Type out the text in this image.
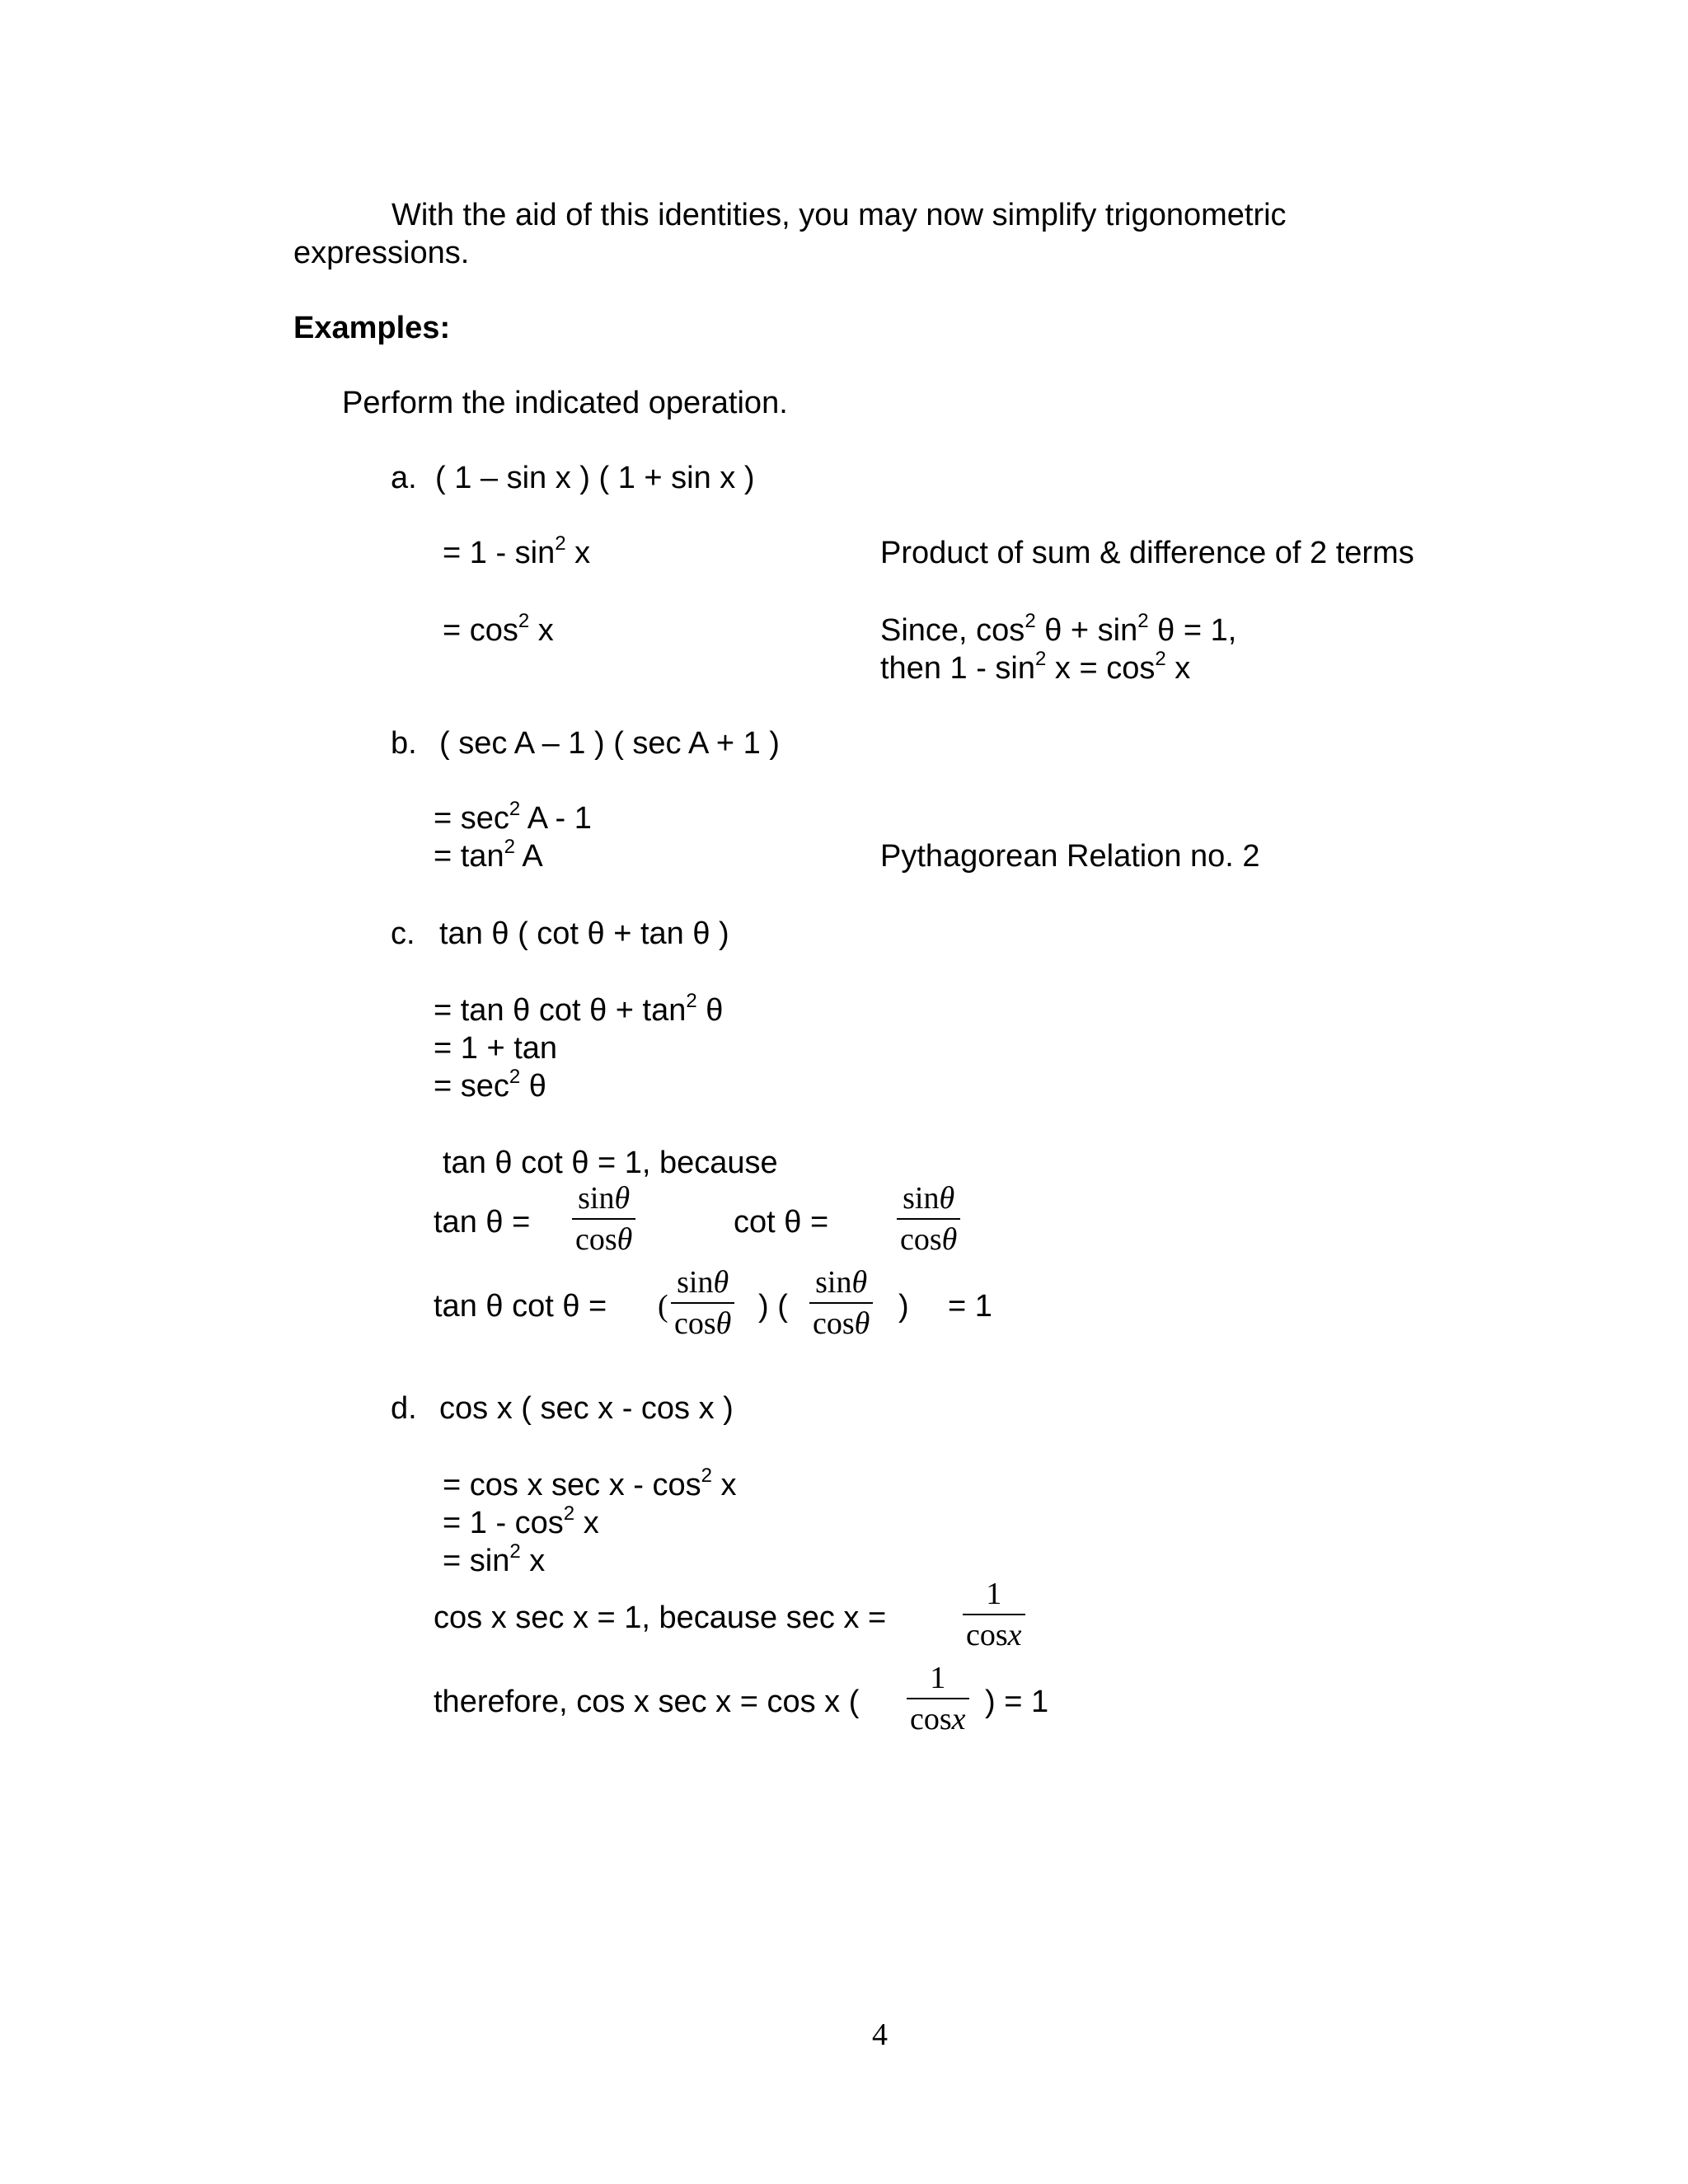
With the aid of this identities, you may now simplify trigonometric
expressions.
Examples:
Perform the indicated operation.
a. ( 1 – sin x ) ( 1 + sin x )
= $1 - \sin^2 x$	Product of sum & difference of 2 terms
= $\cos^2 x$	Since, $\cos^2 \theta + \sin^2 \theta = 1$,
then $1 - \sin^2 x = \cos^2 x$
b. ( sec A – 1 ) ( sec A + 1 )
= $\sec^2 A - 1$
= $\tan^2 A$	Pythagorean Relation no. 2
c. tan θ ( cot θ + tan θ )
= tan θ $\cot \theta + \tan^2 \theta$
= 1 + tan
= $\sec^2 \theta$
tan θ cot θ = 1, because
tan θ =
sinθ
cosθ	cot θ =
sinθ
cosθ
tan θ cot θ = (
sinθ
cosθ ) (
sinθ
cosθ ) = 1
d. cos x ( sec x - cos x )
= cos x sec x - $\cos^2 x$
= $1 - \cos^2 x$
= $\sin^2 x$
cos x sec x = 1, because sec x =
1
cosx
therefore, cos x sec x = cos x (
1
cosx ) = 1
4
